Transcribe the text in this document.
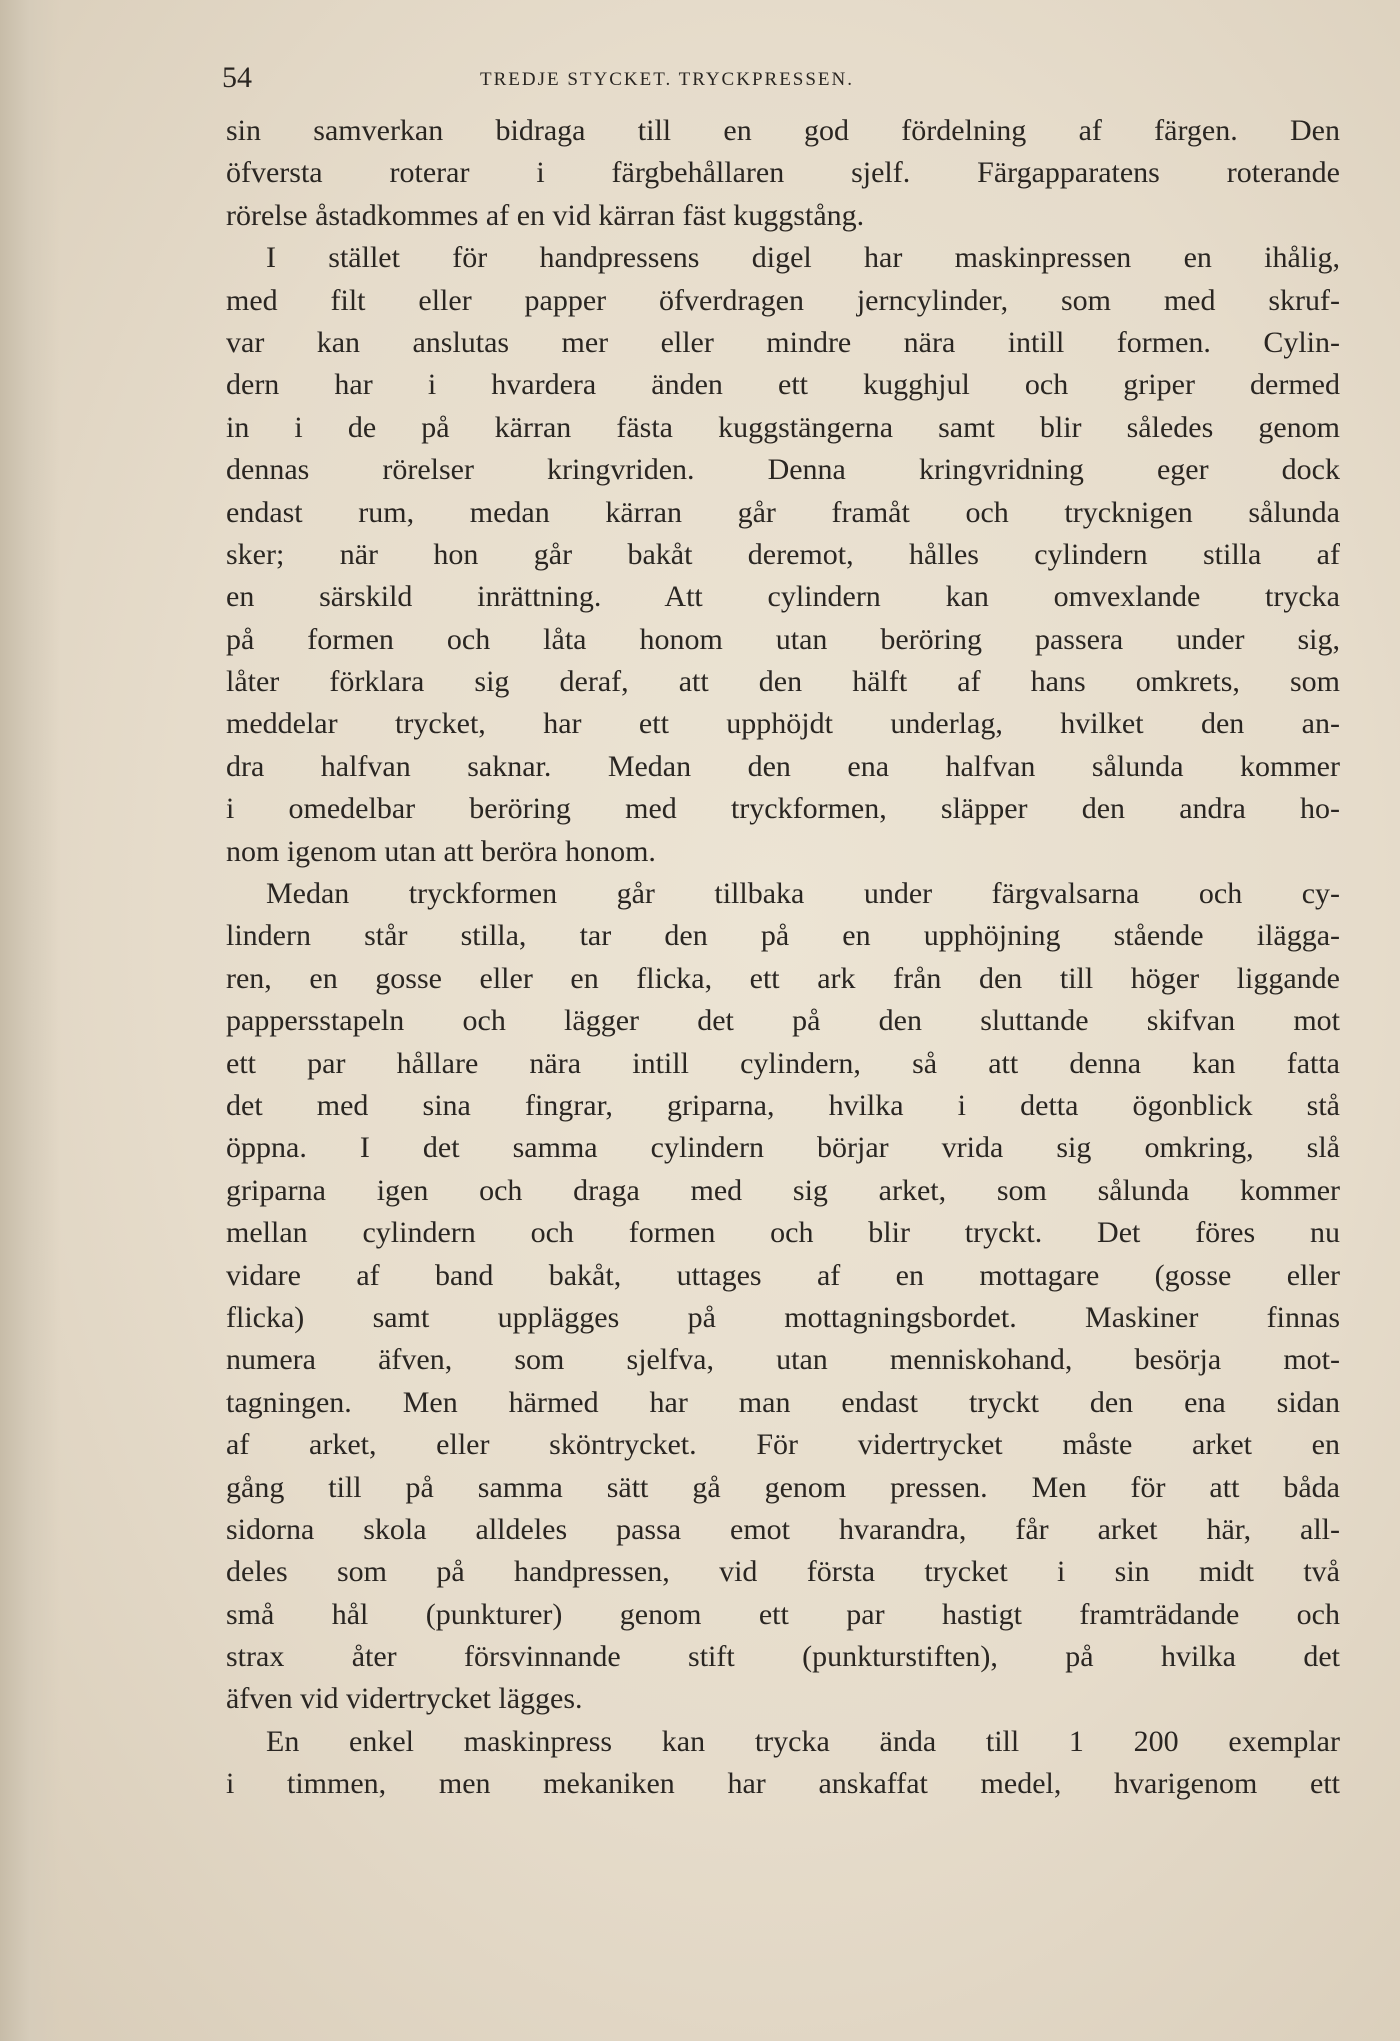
54	TREDJE STYCKET. TRYCKPRESSEN.
sin samverkan bidraga till en god fördelning af färgen. Den
öfversta roterar i färgbehållaren sjelf. Färgapparatens roterande
rörelse åstadkommes af en vid kärran fäst kuggstång.
I stället för handpressens digel har maskinpressen en ihålig,
med filt eller papper öfverdragen jerncylinder, som med skruf-
var kan anslutas mer eller mindre nära intill formen. Cylin-
dern har i hvardera änden ett kugghjul och griper dermed
in i de på kärran fästa kuggstängerna samt blir således genom
dennas rörelser kringvriden. Denna kringvridning eger dock
endast rum, medan kärran går framåt och trycknigen sålunda
sker; när hon går bakåt deremot, hålles cylindern stilla af
en särskild inrättning. Att cylindern kan omvexlande trycka
på formen och låta honom utan beröring passera under sig,
låter förklara sig deraf, att den hälft af hans omkrets, som
meddelar trycket, har ett upphöjdt underlag, hvilket den an-
dra halfvan saknar. Medan den ena halfvan sålunda kommer
i omedelbar beröring med tryckformen, släpper den andra ho-
nom igenom utan att beröra honom.
Medan tryckformen går tillbaka under färgvalsarna och cy-
lindern står stilla, tar den på en upphöjning stående iläggа-
ren, en gosse eller en flicka, ett ark från den till höger liggande
pappersstapeln och lägger det på den sluttande skifvan mot
ett par hållare nära intill cylindern, så att denna kan fatta
det med sina fingrar, griparna, hvilka i detta ögonblick stå
öppna. I det samma cylindern börjar vrida sig omkring, slå
griparna igen och draga med sig arket, som sålunda kommer
mellan cylindern och formen och blir tryckt. Det föres nu
vidare af band bakåt, uttages af en mottagare (gosse eller
flicka) samt upplägges på mottagningsbordet. Maskiner finnas
numera äfven, som sjelfva, utan menniskohand, besörja mot-
tagningen. Men härmed har man endast tryckt den ena sidan
af arket, eller sköntrycket. För vidertrycket måste arket en
gång till på samma sätt gå genom pressen. Men för att båda
sidorna skola alldeles passa emot hvarandra, får arket här, all-
deles som på handpressen, vid första trycket i sin midt två
små hål (punkturer) genom ett par hastigt framträdande och
strax åter försvinnande stift (punkturstiften), på hvilka det
äfven vid vidertrycket lägges.
En enkel maskinpress kan trycka ända till 1 200 exemplar
i timmen, men mekaniken har anskaffat medel, hvarigenom ett
